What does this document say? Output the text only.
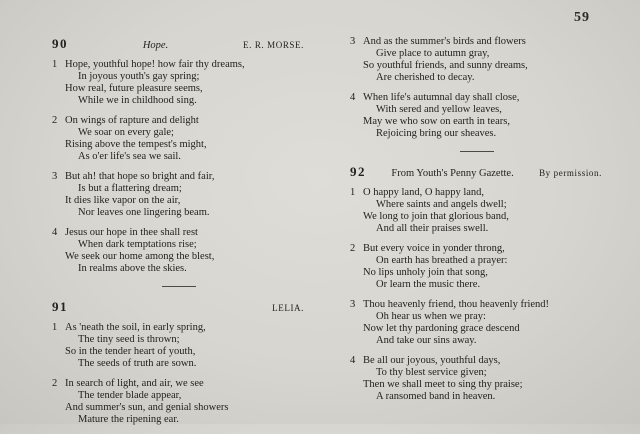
59
90	Hope.	E. R. MORSE.
1 Hope, youthful hope! how fair thy dreams,
In joyous youth's gay spring;
How real, future pleasure seems,
While we in childhood sing.
2 On wings of rapture and delight
We soar on every gale;
Rising above the tempest's might,
As o'er life's sea we sail.
3 But ah! that hope so bright and fair,
Is but a flattering dream;
It dies like vapor on the air,
Nor leaves one lingering beam.
4 Jesus our hope in thee shall rest
When dark temptations rise;
We seek our home among the blest,
In realms above the skies.
91	LELIA.
1 As 'neath the soil, in early spring,
The tiny seed is thrown;
So in the tender heart of youth,
The seeds of truth are sown.
2 In search of light, and air, we see
The tender blade appear,
And summer's sun, and genial showers
Mature the ripening ear.
3 And as the summer's birds and flowers
Give place to autumn gray,
So youthful friends, and sunny dreams,
Are cherished to decay.
4 When life's autumnal day shall close,
With sered and yellow leaves,
May we who sow on earth in tears,
Rejoicing bring our sheaves.
92 From Youth's Penny Gazette.	By permission.
1 O happy land, O happy land,
Where saints and angels dwell;
We long to join that glorious band,
And all their praises swell.
2 But every voice in yonder throng,
On earth has breathed a prayer:
No lips unholy join that song,
Or learn the music there.
3 Thou heavenly friend, thou heavenly friend!
Oh hear us when we pray:
Now let thy pardoning grace descend
And take our sins away.
4 Be all our joyous, youthful days,
To thy blest service given;
Then we shall meet to sing thy praise;
A ransomed band in heaven.
